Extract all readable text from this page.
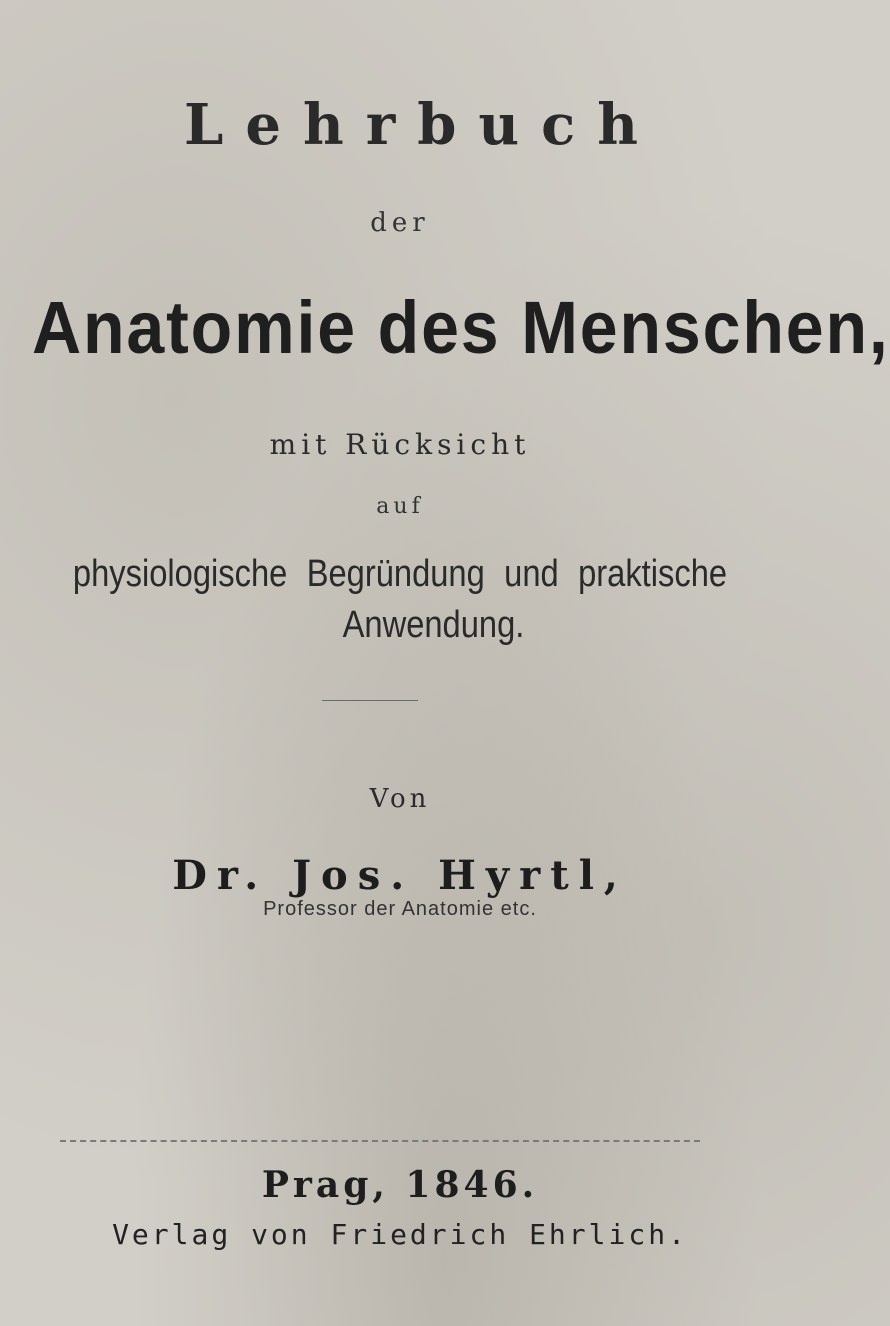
Lehrbuch
der
Anatomie des Menschen,
mit Rücksicht
auf
physiologische Begründung und praktische
Anwendung.
Von
Dr. Jos. Hyrtl,
Professor der Anatomie etc.
Prag, 1846.
Verlag von Friedrich Ehrlich.
